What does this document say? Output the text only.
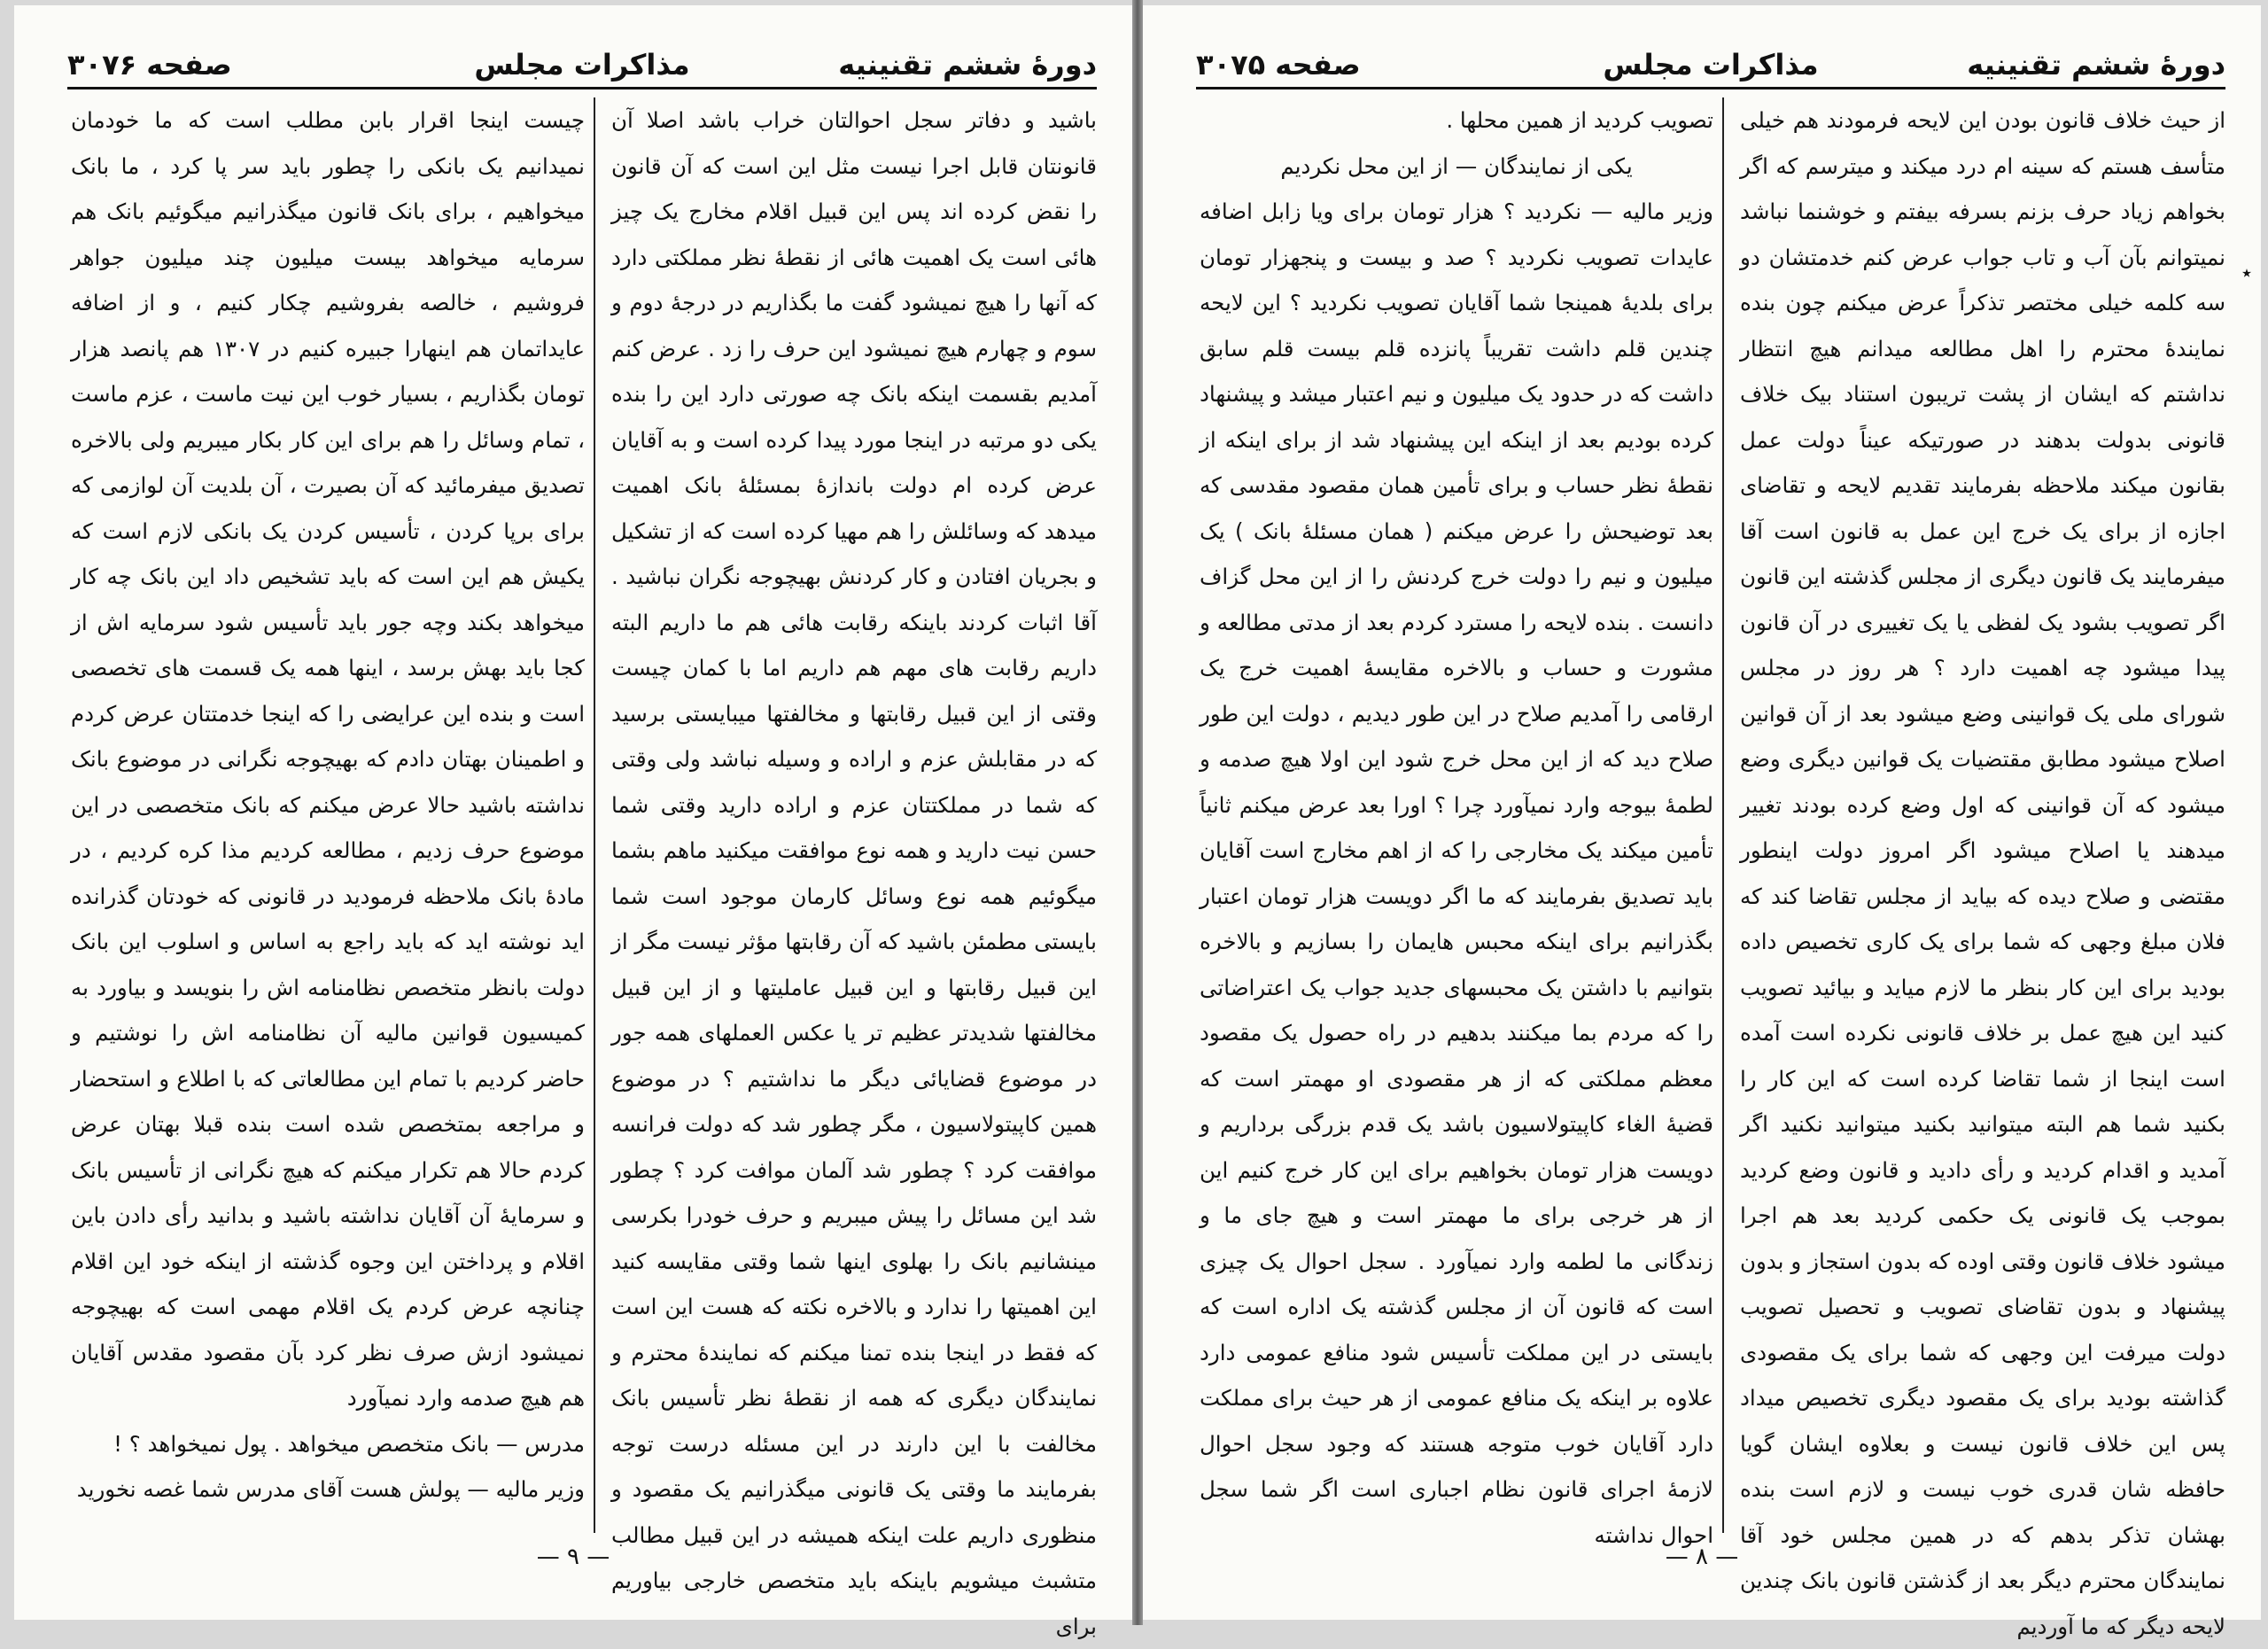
دورهٔ ششم تقنینیه
مذاکرات مجلس
صفحه ۳۰۷۶

باشید و دفاتر سجل احوالتان خراب باشد اصلا آن قانونتان قابل اجرا نیست مثل این است که آن قانون را نقض کرده اند پس این قبیل اقلام مخارج یک چیز هائی است یک اهمیت هائی از نقطهٔ نظر مملکتی دارد که آنها را هیچ نمیشود گفت ما بگذاریم در درجهٔ دوم و سوم و چهارم هیچ نمیشود این حرف را زد . عرض کنم آمدیم بقسمت اینکه بانک چه صورتی دارد این را بنده یکی دو مرتبه در اینجا مورد پیدا کرده است و به آقایان عرض کرده ام دولت باندازهٔ بمسئلهٔ بانک اهمیت میدهد که وسائلش را هم مهیا کرده است که از تشکیل و بجریان افتادن و کار کردنش بهیچوجه نگران نباشید . آقا اثبات کردند باینکه رقابت هائی هم ما داریم البته داریم رقابت های مهم هم داریم اما با کمان چیست وقتی از این قبیل رقابتها و مخالفتها میبایستی برسید که در مقابلش عزم و اراده و وسیله نباشد ولی وقتی که شما در مملکتتان عزم و اراده دارید وقتی شما حسن نیت دارید و همه نوع موافقت میکنید ماهم بشما میگوئیم همه نوع وسائل کارمان موجود است شما بایستی مطمئن باشید که آن رقابتها مؤثر نیست مگر از این قبیل رقابتها و این قبیل عاملیتها و از این قبیل مخالفتها شدیدتر عظیم تر یا عکس العملهای همه جور در موضوع قضایائی دیگر ما نداشتیم ؟ در موضوع همین کاپیتولاسیون ، مگر چطور شد که دولت فرانسه موافقت کرد ؟ چطور شد آلمان موافت کرد ؟ چطور شد این مسائل را پیش میبریم و حرف خودرا بکرسی مینشانیم بانک را بهلوی اینها شما وقتی مقایسه کنید این اهمیتها را ندارد و بالاخره نکته که هست این است که فقط در اینجا بنده تمنا میکنم که نمایندهٔ محترم و نمایندگان دیگری که همه از نقطهٔ نظر تأسیس بانک مخالفت با این دارند در این مسئله درست توجه بفرمایند ما وقتی یک قانونی میگذرانیم یک مقصود و منظوری داریم علت اینکه همیشه در این قبیل مطالب متشبث میشویم باینکه باید متخصص خارجی بیاوریم برای

چیست اینجا اقرار بابن مطلب است که ما خودمان نمیدانیم یک بانکی را چطور باید سر پا کرد ، ما بانک میخواهیم ، برای بانک قانون میگذرانیم میگوئیم بانک هم سرمایه میخواهد بیست میلیون چند میلیون جواهر فروشیم ، خالصه بفروشیم چکار کنیم ، و از اضافه عایداتمان هم اینهارا جبیره کنیم در ۱۳۰۷ هم پانصد هزار تومان بگذاریم ، بسیار خوب این نیت ماست ، عزم ماست ، تمام وسائل را هم برای این کار بکار میبریم ولی بالاخره تصدیق میفرمائید که آن بصیرت ، آن بلدیت آن لوازمی که برای برپا کردن ، تأسیس کردن یک بانکی لازم است که یکیش هم این است که باید تشخیص داد این بانک چه کار میخواهد بکند وچه جور باید تأسیس شود سرمایه اش از کجا باید بهش برسد ، اینها همه یک قسمت های تخصصی است و بنده این عرایضی را که اینجا خدمتتان عرض کردم و اطمینان بهتان دادم که بهیچوجه نگرانی در موضوع بانک نداشته باشید حالا عرض میکنم که بانک متخصصی در این موضوع حرف زدیم ، مطالعه کردیم مذا کره کردیم ، در مادهٔ بانک ملاحظه فرمودید در قانونی که خودتان گذرانده اید نوشته اید که باید راجع به اساس و اسلوب این بانک دولت بانظر متخصص نظامنامه اش را بنویسد و بیاورد به کمیسیون قوانین مالیه آن نظامنامه اش را نوشتیم و حاضر کردیم با تمام این مطالعاتی که با اطلاع و استحضار و مراجعه بمتخصص شده است بنده قبلا بهتان عرض کردم حالا هم تکرار میکنم که هیچ نگرانی از تأسیس بانک و سرمایهٔ آن آقایان نداشته باشید و بدانید رأی دادن باین اقلام و پرداختن این وجوه گذشته از اینکه خود این اقلام چنانچه عرض کردم یک اقلام مهمی است که بهیچوجه نمیشود ازش صرف نظر کرد بآن مقصود مقدس آقایان هم هیچ صدمه وارد نمیآورد

مدرس — بانک متخصص میخواهد . پول نمیخواهد ؟ !

وزیر مالیه — پولش هست آقای مدرس شما غصه نخورید

— ۹ —
دورهٔ ششم تقنینیه
مذاکرات مجلس
صفحه ۳۰۷۵

از حیث خلاف قانون بودن این لایحه فرمودند هم خیلی متأسف هستم که سینه ام درد میکند و میترسم که اگر بخواهم زیاد حرف بزنم بسرفه بیفتم و خوشنما نباشد نمیتوانم بآن آب و تاب جواب عرض کنم خدمتشان دو سه کلمه خیلی مختصر تذکراً عرض میکنم چون بنده نمایندهٔ محترم را اهل مطالعه میدانم هیچ انتظار نداشتم که ایشان از پشت تریبون استناد بیک خلاف قانونی بدولت بدهند در صورتیکه عیناً دولت عمل بقانون میکند ملاحظه بفرمایند تقدیم لایحه و تقاضای اجازه از برای یک خرج این عمل به قانون است آقا میفرمایند یک قانون دیگری از مجلس گذشته این قانون اگر تصویب بشود یک لفظی یا یک تغییری در آن قانون پیدا میشود چه اهمیت دارد ؟ هر روز در مجلس شورای ملی یک قوانینی وضع میشود بعد از آن قوانین اصلاح میشود مطابق مقتضیات یک قوانین دیگری وضع میشود که آن قوانینی که اول وضع کرده بودند تغییر میدهند یا اصلاح میشود اگر امروز دولت اینطور مقتضی و صلاح دیده که بیاید از مجلس تقاضا کند که فلان مبلغ وجهی که شما برای یک کاری تخصیص داده بودید برای این کار بنظر ما لازم میاید و بیائید تصویب کنید این هیچ عمل بر خلاف قانونی نکرده است آمده است اینجا از شما تقاضا کرده است که این کار را بکنید شما هم البته میتوانید بکنید میتوانید نکنید اگر آمدید و اقدام کردید و رأی دادید و قانون وضع کردید بموجب یک قانونی یک حکمی کردید بعد هم اجرا میشود خلاف قانون وقتی اوده که بدون استجاز و بدون پیشنهاد و بدون تقاضای تصویب و تحصیل تصویب دولت میرفت این وجهی که شما برای یک مقصودی گذاشته بودید برای یک مقصود دیگری تخصیص میداد پس این خلاف قانون نیست و بعلاوه ایشان گویا حافظه شان قدری خوب نیست و لازم است بنده بهشان تذکر بدهم که در همین مجلس خود آقا نمایندگان محترم دیگر بعد از گذشتن قانون بانک چندین لایحه دیگر که ما آوردیم

تصویب کردید از همین محلها .

یکی از نمایندگان — از این محل نکردیم

وزیر مالیه — نکردید ؟ هزار تومان برای ویا زابل اضافه عایدات تصویب نکردید ؟ صد و بیست و پنجهزار تومان برای بلدیهٔ همینجا شما آقایان تصویب نکردید ؟ این لایحه چندین قلم داشت تقریباً پانزده قلم بیست قلم سابق داشت که در حدود یک میلیون و نیم اعتبار میشد و پیشنهاد کرده بودیم بعد از اینکه این پیشنهاد شد از برای اینکه از نقطهٔ نظر حساب و برای تأمین همان مقصود مقدسی که بعد توضیحش را عرض میکنم ( همان مسئلهٔ بانک ) یک میلیون و نیم را دولت خرج کردنش را از این محل گزاف دانست . بنده لایحه را مسترد کردم بعد از مدتی مطالعه و مشورت و حساب و بالاخره مقایسهٔ اهمیت خرج یک ارقامی را آمدیم صلاح در این طور دیدیم ، دولت این طور صلاح دید که از این محل خرج شود این اولا هیچ صدمه و لطمهٔ بیوجه وارد نمیآورد چرا ؟ اورا بعد عرض میکنم ثانیاً تأمین میکند یک مخارجی را که از اهم مخارج است آقایان باید تصدیق بفرمایند که ما اگر دویست هزار تومان اعتبار بگذرانیم برای اینکه محبس هایمان را بسازیم و بالاخره بتوانیم با داشتن یک محبسهای جدید جواب یک اعتراضاتی را که مردم بما میکنند بدهیم در راه حصول یک مقصود معظم مملکتی که از هر مقصودی او مهمتر است که قضیهٔ الغاء کاپیتولاسیون باشد یک قدم بزرگی برداریم و دویست هزار تومان بخواهیم برای این کار خرج کنیم این از هر خرجی برای ما مهمتر است و هیچ جای ما و زندگانی ما لطمه وارد نمیآورد . سجل احوال یک چیزی است که قانون آن از مجلس گذشته یک اداره است که بایستی در این مملکت تأسیس شود منافع عمومی دارد علاوه بر اینکه یک منافع عمومی از هر حیث برای مملکت دارد آقایان خوب متوجه هستند که وجود سجل احوال لازمهٔ اجرای قانون نظام اجباری است اگر شما سجل احوال نداشته

٭
— ۸ —
